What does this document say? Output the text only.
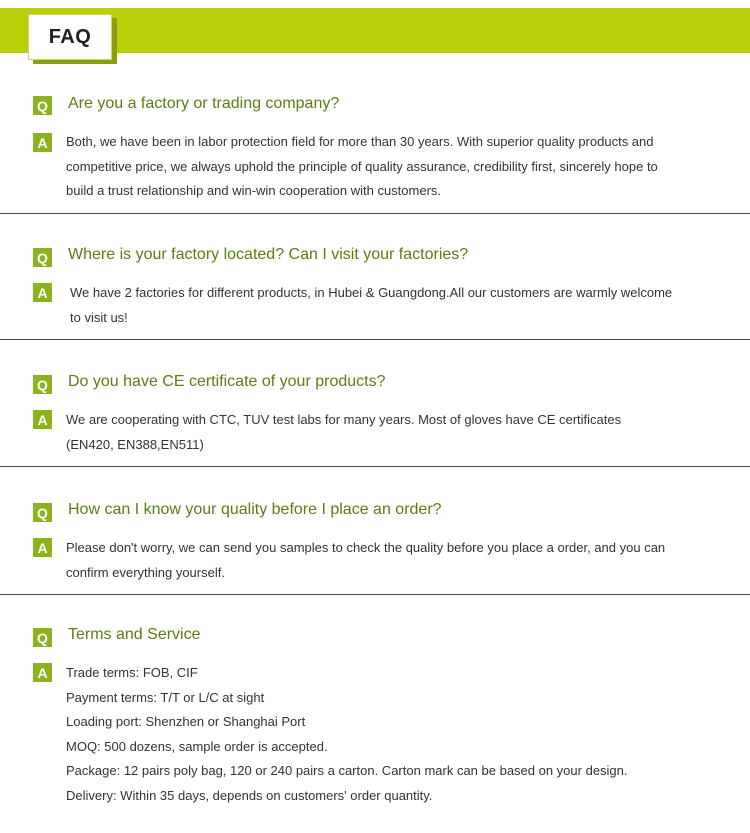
FAQ
Q Are you a factory or trading company?
A	Both, we have been in labor protection field for more than 30 years. With superior quality products and
competitive price, we always uphold the principle of quality assurance, credibility first, sincerely hope to
build a trust relationship and win-win cooperation with customers.
Q Where is your factory located? Can I visit your factories?
A	We have 2 factories for different products, in Hubei & Guangdong.All our customers are warmly welcome
to visit us!
Q Do you have CE certificate of your products?
A	We are cooperating with CTC, TUV test labs for many years. Most of gloves have CE certificates
(EN420, EN388,EN511)
Q How can I know your quality before I place an order?
A	Please don't worry, we can send you samples to check the quality before you place a order, and you can
confirm everything yourself.
Q Terms and Service
A	Trade terms: FOB, CIF
Payment terms: T/T or L/C at sight
Loading port: Shenzhen or Shanghai Port
MOQ: 500 dozens, sample order is accepted.
Package: 12 pairs poly bag, 120 or 240 pairs a carton. Carton mark can be based on your design.
Delivery: Within 35 days, depends on customers' order quantity.
